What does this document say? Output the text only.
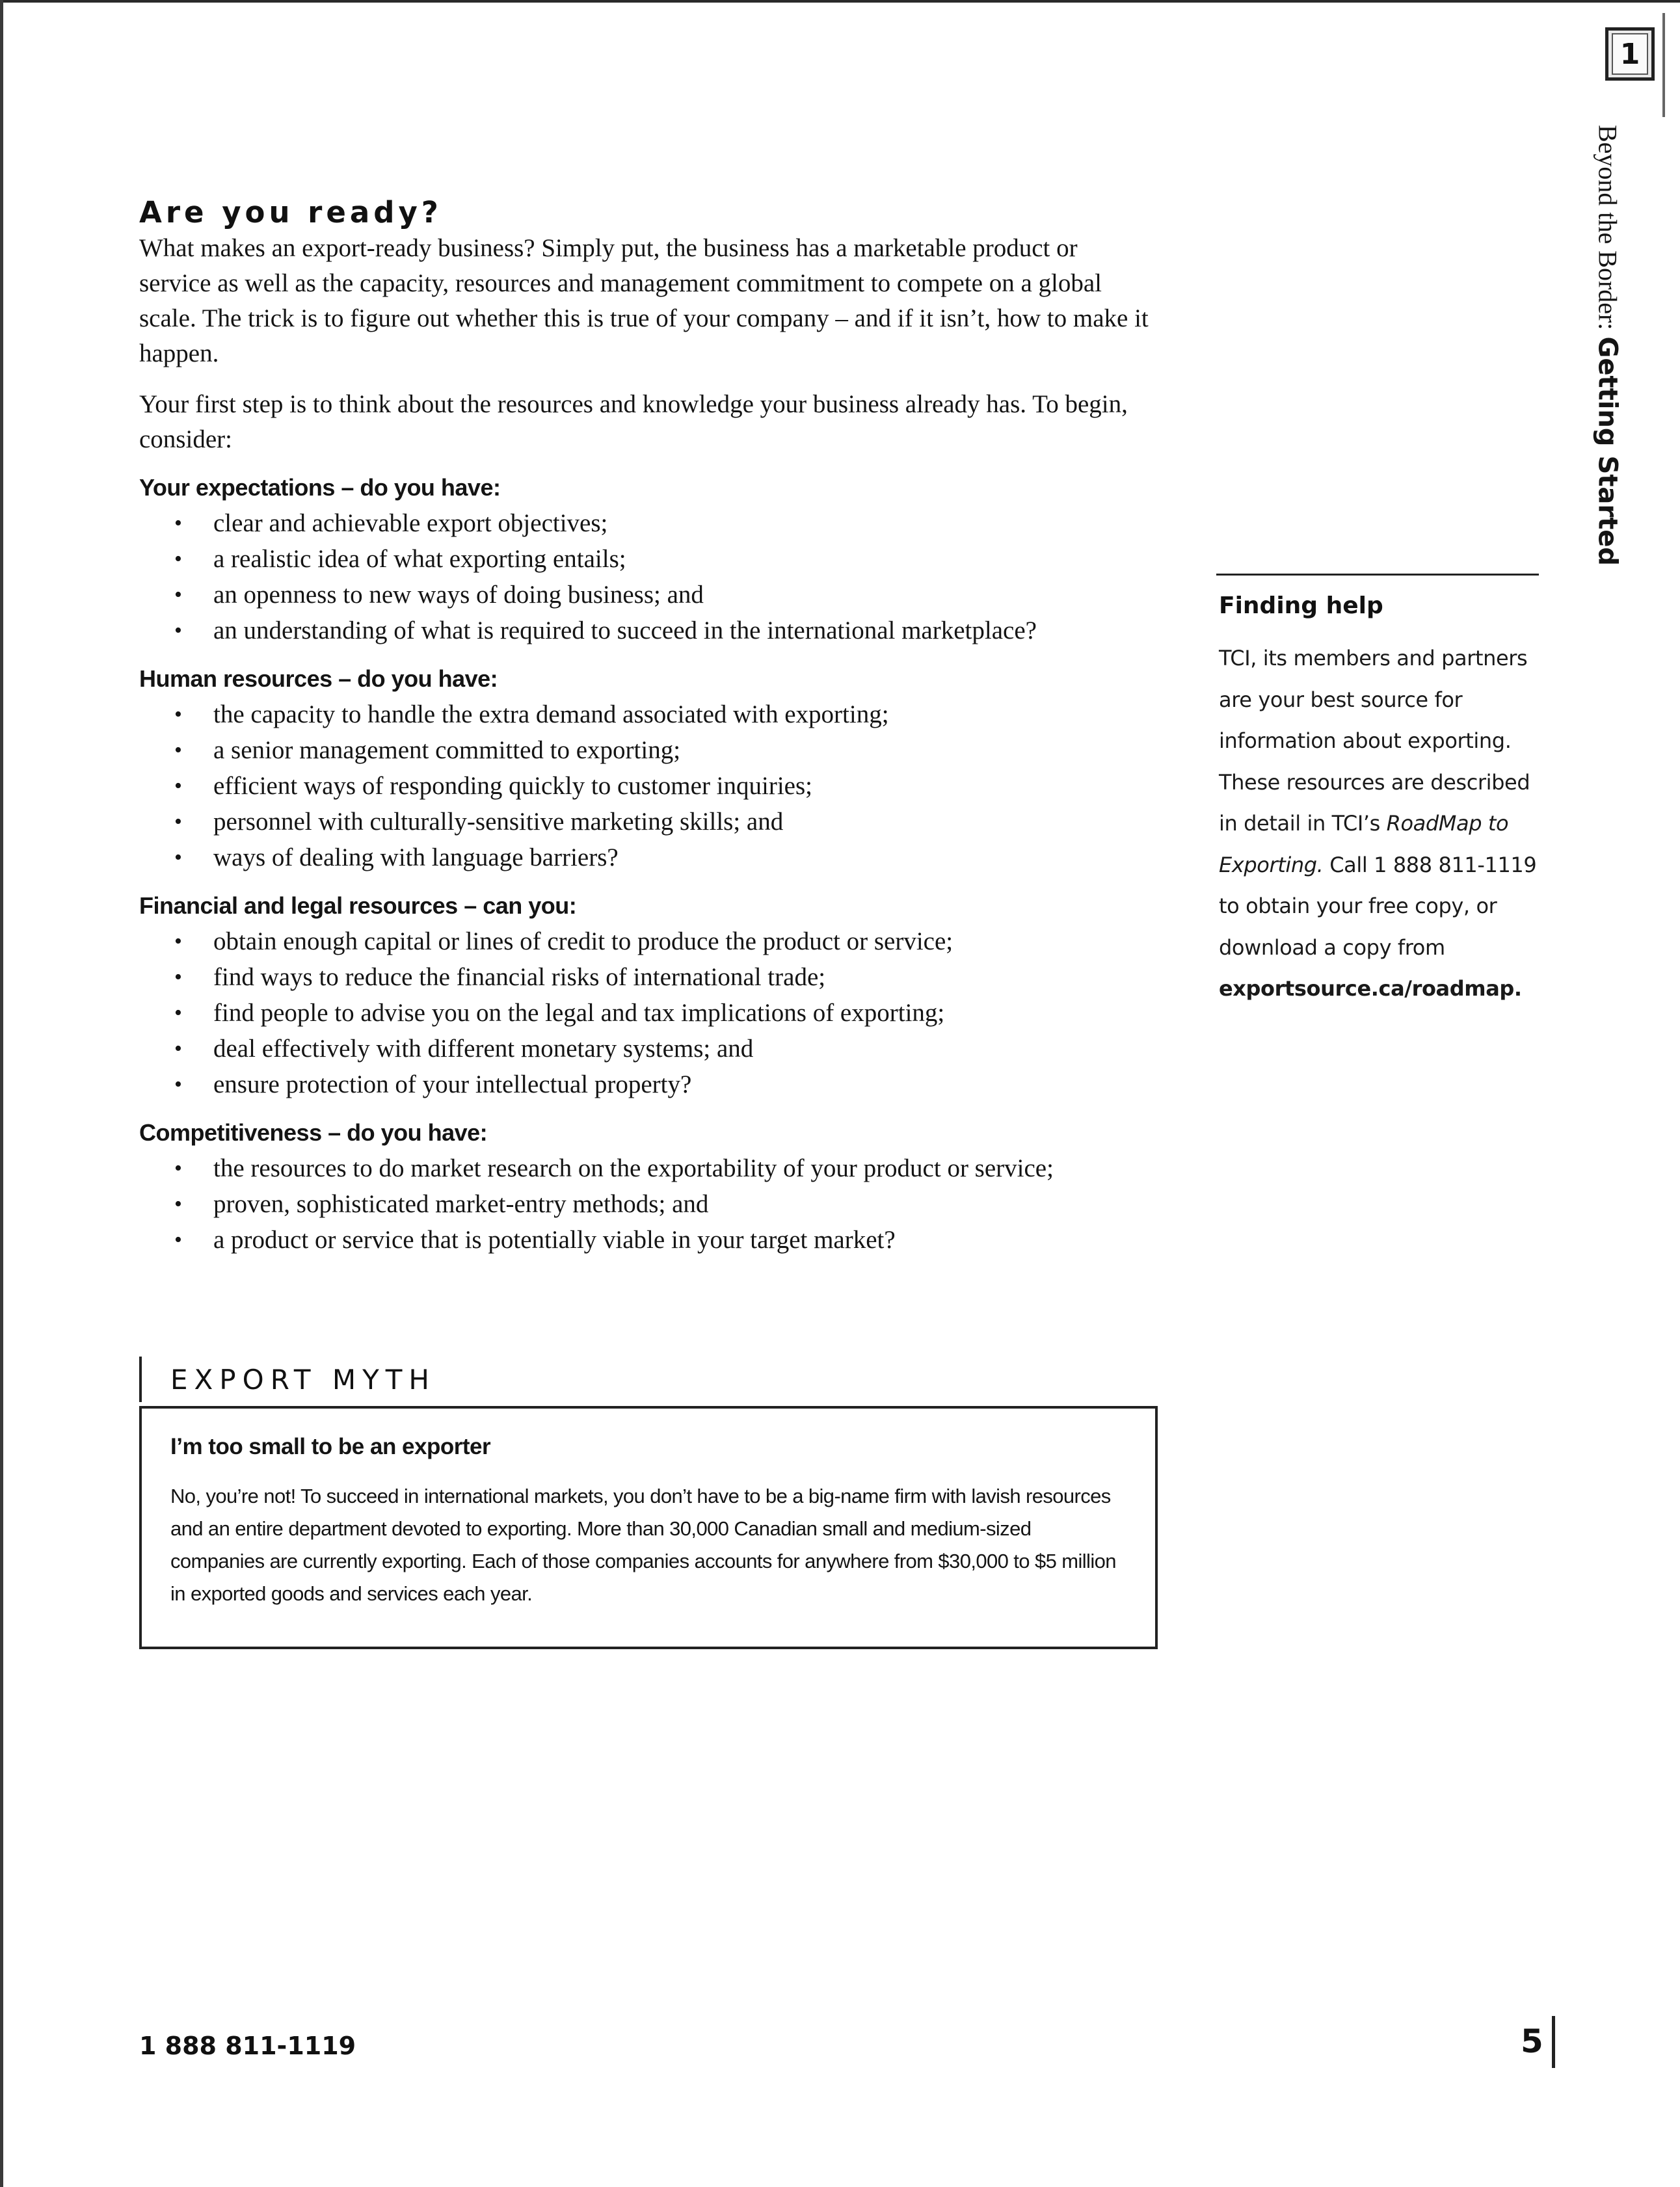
1
Beyond the Border: Getting Started
Are you ready?

What makes an export-ready business? Simply put, the business has a marketable product or service as well as the capacity, resources and management commitment to compete on a global scale. The trick is to figure out whether this is true of your company – and if it isn’t, how to make it happen.

Your first step is to think about the resources and knowledge your business already has. To begin, consider:

Your expectations – do you have:
• clear and achievable export objectives;
• a realistic idea of what exporting entails;
• an openness to new ways of doing business; and
• an understanding of what is required to succeed in the international marketplace?
Human resources – do you have:
• the capacity to handle the extra demand associated with exporting;
• a senior management committed to exporting;
• efficient ways of responding quickly to customer inquiries;
• personnel with culturally-sensitive marketing skills; and
• ways of dealing with language barriers?
Financial and legal resources – can you:
• obtain enough capital or lines of credit to produce the product or service;
• find ways to reduce the financial risks of international trade;
• find people to advise you on the legal and tax implications of exporting;
• deal effectively with different monetary systems; and
• ensure protection of your intellectual property?
Competitiveness – do you have:
• the resources to do market research on the exportability of your product or service;
• proven, sophisticated market-entry methods; and
• a product or service that is potentially viable in your target market?
EXPORT MYTH
I’m too small to be an exporter

No, you’re not! To succeed in international markets, you don’t have to be a big-name firm with lavish resources and an entire department devoted to exporting. More than 30,000 Canadian small and medium-sized companies are currently exporting. Each of those companies accounts for anywhere from $30,000 to $5 million in exported goods and services each year.

Finding help

TCI, its members and partners are your best source for information about exporting. These resources are described in detail in TCI’s RoadMap to Exporting. Call 1 888 811-1119 to obtain your free copy, or download a copy from exportsource.ca/roadmap.

1 888 811-1119	5
